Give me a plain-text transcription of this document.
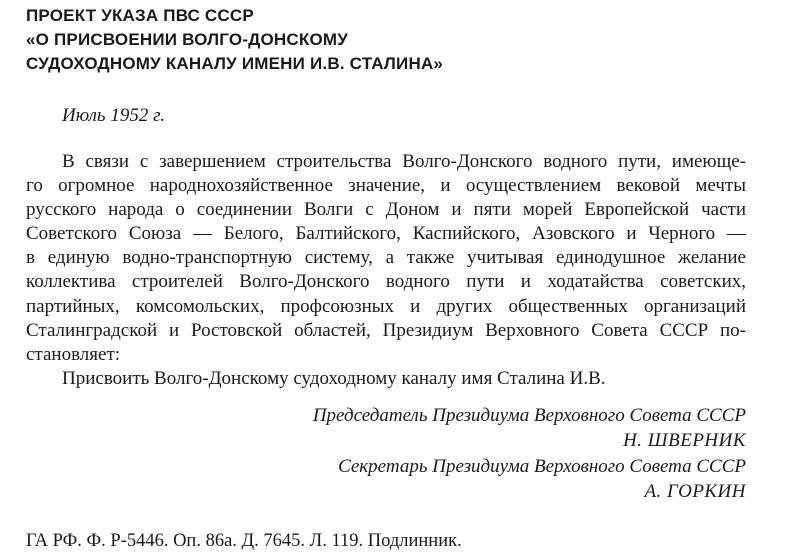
ПРОЕКТ УКАЗА ПВС СССР
«О ПРИСВОЕНИИ ВОЛГО-ДОНСКОМУ
СУДОХОДНОМУ КАНАЛУ ИМЕНИ И.В. СТАЛИНА»
Июль 1952 г.

В связи с завершением строительства Волго-Донского водного пути, имеюще-
го огромное народнохозяйственное значение, и осуществлением вековой мечты
русского народа о соединении Волги с Доном и пяти морей Европейской части
Советского Союза — Белого, Балтийского, Каспийского, Азовского и Черного —
в единую водно-транспортную систему, а также учитывая единодушное желание
коллектива строителей Волго-Донского водного пути и ходатайства советских,
партийных, комсомольских, профсоюзных и других общественных организаций
Сталинградской и Ростовской областей, Президиум Верховного Совета СССР по-
становляет:

Присвоить Волго-Донскому судоходному каналу имя Сталина И.В.

Председатель Президиума Верховного Совета СССР
Н. ШВЕРНИК
Секретарь Президиума Верховного Совета СССР
А. ГОРКИН
ГА РФ. Ф. Р-5446. Оп. 86а. Д. 7645. Л. 119. Подлинник.
